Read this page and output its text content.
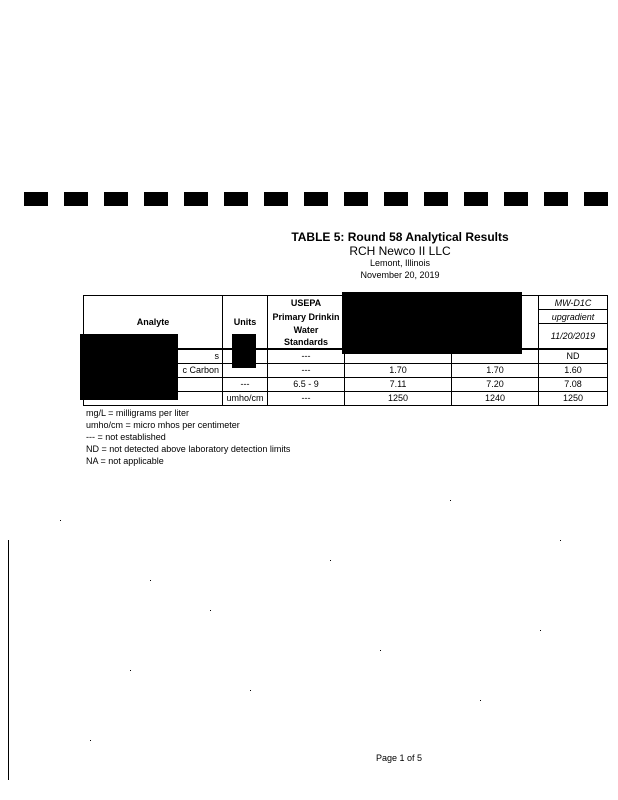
TABLE 5: Round 58 Analytical Results
RCH Newco II LLC
Lemont, Illinois
November 20, 2019
Analyte	Units	USEPA			MW-D1C
		Primary Drinkin			upgradient
		Water Standards			11/20/2019
s		---			ND
c Carbon		---	1.70	1.70	1.60
	---	6.5 - 9	7.11	7.20	7.08
	umho/cm	---	1250	1240	1250
mg/L = milligrams per liter
umho/cm = micro mhos per centimeter
--- = not established
ND = not detected above laboratory detection limits
NA = not applicable
Page 1 of 5
